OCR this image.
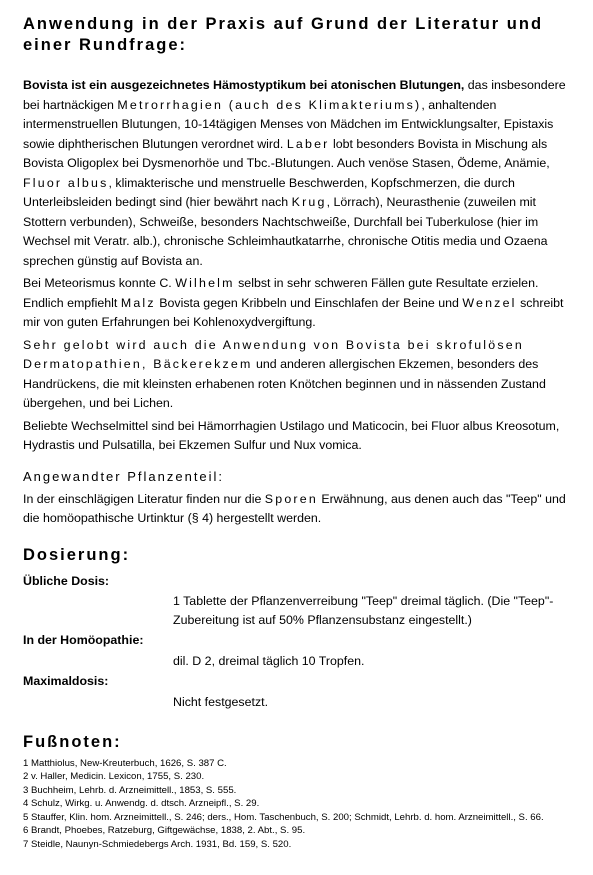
Anwendung in der Praxis auf Grund der Literatur und einer Rundfrage:

Bovista ist ein ausgezeichnetes Hämostyptikum bei atonischen Blutungen, das insbesondere bei hartnäckigen Metrorrhagien (auch des Klimakteriums), anhaltenden intermenstruellen Blutungen, 10-14tägigen Menses von Mädchen im Entwicklungsalter, Epistaxis sowie diphtherischen Blutungen verordnet wird. Laber lobt besonders Bovista in Mischung als Bovista Oligoplex bei Dysmenorhöe und Tbc.-Blutungen. Auch venöse Stasen, Ödeme, Anämie, Fluor albus, klimakterische und menstruelle Beschwerden, Kopfschmerzen, die durch Unterleibsleiden bedingt sind (hier bewährt nach Krug, Lörrach), Neurasthenie (zuweilen mit Stottern verbunden), Schweiße, besonders Nachtschweiße, Durchfall bei Tuberkulose (hier im Wechsel mit Veratr. alb.), chronische Schleimhautkatarrhe, chronische Otitis media und Ozaena sprechen günstig auf Bovista an.

Bei Meteorismus konnte C. Wilhelm selbst in sehr schweren Fällen gute Resultate erzielen. Endlich empfiehlt Malz Bovista gegen Kribbeln und Einschlafen der Beine und Wenzel schreibt mir von guten Erfahrungen bei Kohlenoxydvergiftung.

Sehr gelobt wird auch die Anwendung von Bovista bei skrofulösen Dermatopathien, Bäckerekzem und anderen allergischen Ekzemen, besonders des Handrückens, die mit kleinsten erhabenen roten Knötchen beginnen und in nässenden Zustand übergehen, und bei Lichen.

Beliebte Wechselmittel sind bei Hämorrhagien Ustilago und Maticocin, bei Fluor albus Kreosotum, Hydrastis und Pulsatilla, bei Ekzemen Sulfur und Nux vomica.

Angewandter Pflanzenteil:

In der einschlägigen Literatur finden nur die Sporen Erwähnung, aus denen auch das "Teep" und die homöopathische Urtinktur (§ 4) hergestellt werden.

Dosierung:

Übliche Dosis:
1 Tablette der Pflanzenverreibung "Teep" dreimal täglich. (Die "Teep"-Zubereitung ist auf 50% Pflanzensubstanz eingestellt.)
In der Homöopathie:
dil. D 2, dreimal täglich 10 Tropfen.
Maximaldosis:
Nicht festgesetzt.

Fußnoten:

1 Matthiolus, New-Kreuterbuch, 1626, S. 387 C.

2 v. Haller, Medicin. Lexicon, 1755, S. 230.

3 Buchheim, Lehrb. d. Arzneimittell., 1853, S. 555.

4 Schulz, Wirkg. u. Anwendg. d. dtsch. Arzneipfl., S. 29.

5 Stauffer, Klin. hom. Arzneimittell., S. 246; ders., Hom. Taschenbuch, S. 200; Schmidt, Lehrb. d. hom. Arzneimittell., S. 66.

6 Brandt, Phoebes, Ratzeburg, Giftgewächse, 1838, 2. Abt., S. 95.

7 Steidle, Naunyn-Schmiedebergs Arch. 1931, Bd. 159, S. 520.
